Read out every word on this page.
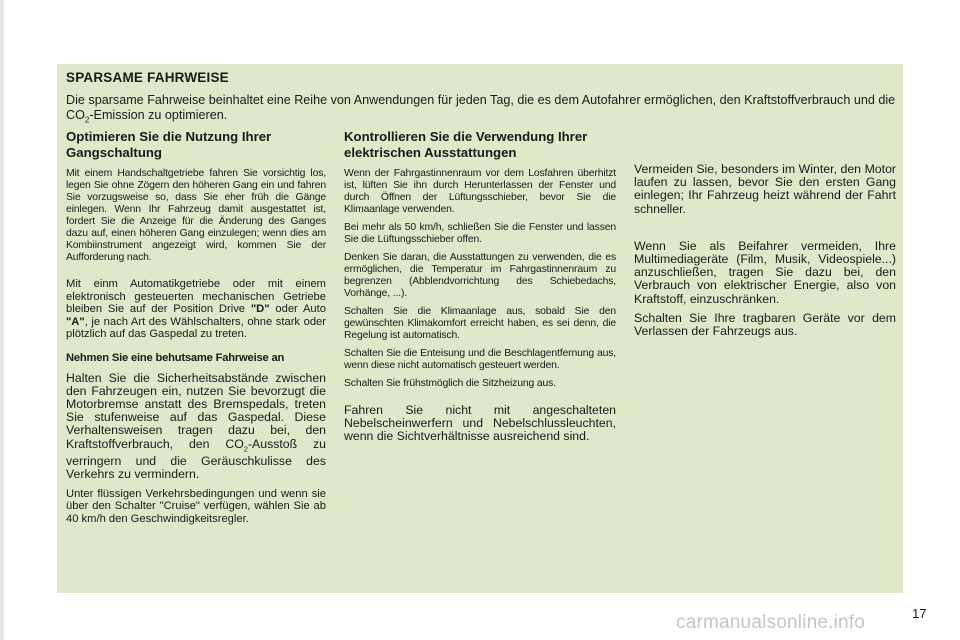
SPARSAME FAHRWEISE

Die sparsame Fahrweise beinhaltet eine Reihe von Anwendungen für jeden Tag, die es dem Autofahrer ermöglichen, den Kraftstoffverbrauch und die $CO_2$-Emission zu optimieren.

Optimieren Sie die Nutzung Ihrer Gangschaltung

Mit einem Handschaltgetriebe fahren Sie vorsichtig los, legen Sie ohne Zögern den höheren Gang ein und fahren Sie vorzugsweise so, dass Sie eher früh die Gänge einlegen. Wenn Ihr Fahrzeug damit ausgestattet ist, fordert Sie die Anzeige für die Änderung des Ganges dazu auf, einen höheren Gang einzulegen; wenn dies am Kombiinstrument angezeigt wird, kommen Sie der Aufforderung nach.

Mit einm Automatikgetriebe oder mit einem elektronisch gesteuerten mechanischen Getriebe bleiben Sie auf der Position Drive "D" oder Auto "A", je nach Art des Wählschalters, ohne stark oder plötzlich auf das Gaspedal zu treten.

Nehmen Sie eine behutsame Fahrweise an

Halten Sie die Sicherheitsabstände zwischen den Fahrzeugen ein, nutzen Sie bevorzugt die Motorbremse anstatt des Bremspedals, treten Sie stufenweise auf das Gaspedal. Diese Verhaltensweisen tragen dazu bei, den Kraftstoffverbrauch, den $CO_2$-Ausstoß zu verringern und die Geräuschkulisse des Verkehrs zu vermindern.

Unter flüssigen Verkehrsbedingungen und wenn sie über den Schalter "Cruise" verfügen, wählen Sie ab 40 km/h den Geschwindigkeitsregler.

Kontrollieren Sie die Verwendung Ihrer elektrischen Ausstattungen

Wenn der Fahrgastinnenraum vor dem Losfahren überhitzt ist, lüften Sie ihn durch Herunterlassen der Fenster und durch Öffnen der Lüftungsschieber, bevor Sie die Klimaanlage verwenden.

Bei mehr als 50 km/h, schließen Sie die Fenster und lassen Sie die Lüftungsschieber offen.

Denken Sie daran, die Ausstattungen zu verwenden, die es ermöglichen, die Temperatur im Fahrgastinnenraum zu begrenzen (Abblendvorrichtung des Schiebedachs, Vorhänge, ...).

Schalten Sie die Klimaanlage aus, sobald Sie den gewünschten Klimakomfort erreicht haben, es sei denn, die Regelung ist automatisch.

Schalten Sie die Enteisung und die Beschlagentfernung aus, wenn diese nicht automatisch gesteuert werden.

Schalten Sie frühstmöglich die Sitzheizung aus.

Fahren Sie nicht mit angeschalteten Nebelscheinwerfern und Nebelschlussleuchten, wenn die Sichtverhältnisse ausreichend sind.

Vermeiden Sie, besonders im Winter, den Motor laufen zu lassen, bevor Sie den ersten Gang einlegen; Ihr Fahrzeug heizt während der Fahrt schneller.

Wenn Sie als Beifahrer vermeiden, Ihre Multimediageräte (Film, Musik, Videospiele...) anzuschließen, tragen Sie dazu bei, den Verbrauch von elektrischer Energie, also von Kraftstoff, einzuschränken.

Schalten Sie Ihre tragbaren Geräte vor dem Verlassen der Fahrzeugs aus.

carmanualsonline.info	17
